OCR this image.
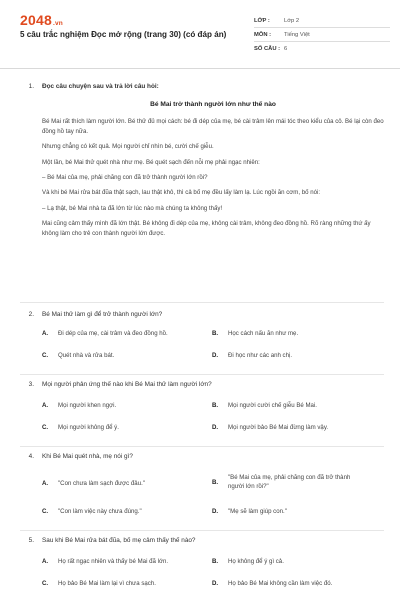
2048.vn
5 câu trắc nghiệm Đọc mở rộng (trang 30) (có đáp án)
LỚP :	Lớp 2
MÔN :	Tiếng Việt
SỐ CÂU : 6
1. Đọc câu chuyện sau và trả lời câu hỏi:
Bé Mai trở thành người lớn như thế nào

Bé Mai rất thích làm người lớn. Bé thử đủ mọi cách: bé đi dép của mẹ, bé cài trâm lên mái tóc theo kiểu của cô. Bé lại còn đeo đồng hồ tay nữa.

Nhưng chẳng có kết quả. Mọi người chỉ nhìn bé, cười chế giễu.

Một lần, bé Mai thử quét nhà như mẹ. Bé quét sạch đến nỗi mẹ phải ngạc nhiên:

– Bé Mai của mẹ, phải chăng con đã trở thành người lớn rồi?

Và khi bé Mai rửa bát đũa thật sạch, lau thật khô, thì cả bố mẹ đều lấy làm lạ. Lúc ngồi ăn cơm, bố nói:

– Lạ thật, bé Mai nhà ta đã lớn từ lúc nào mà chúng ta không thấy!

Mai cũng cảm thấy mình đã lớn thật. Bé không đi dép của mẹ, không cài trâm, không đeo đồng hồ. Rõ ràng những thứ ấy không làm cho trẻ con thành người lớn được.

2. Bé Mai thử làm gì để trở thành người lớn?
A. Đi dép của mẹ, cài trâm và đeo đồng hồ.	B. Học cách nấu ăn như mẹ.
C. Quét nhà và rửa bát.	D. Đi học như các anh chị.
3. Mọi người phản ứng thế nào khi Bé Mai thử làm người lớn?
A. Mọi người khen ngợi.	B. Mọi người cười chế giễu Bé Mai.
C. Mọi người không để ý.	D. Mọi người bảo Bé Mai đừng làm vậy.
4. Khi Bé Mai quét nhà, mẹ nói gì?
A. "Con chưa làm sạch được đâu."	B.
"Bé Mai của mẹ, phải chăng con đã trở thành người lớn rồi?"
C. "Con làm việc này chưa đúng."	D. "Mẹ sẽ làm giúp con."
5. Sau khi Bé Mai rửa bát đũa, bố mẹ cảm thấy thế nào?
A. Họ rất ngạc nhiên và thấy bé Mai đã lớn.	B. Họ không để ý gì cả.
C. Họ bảo Bé Mai làm lại vì chưa sạch.	D. Họ bảo Bé Mai không cần làm việc đó.
